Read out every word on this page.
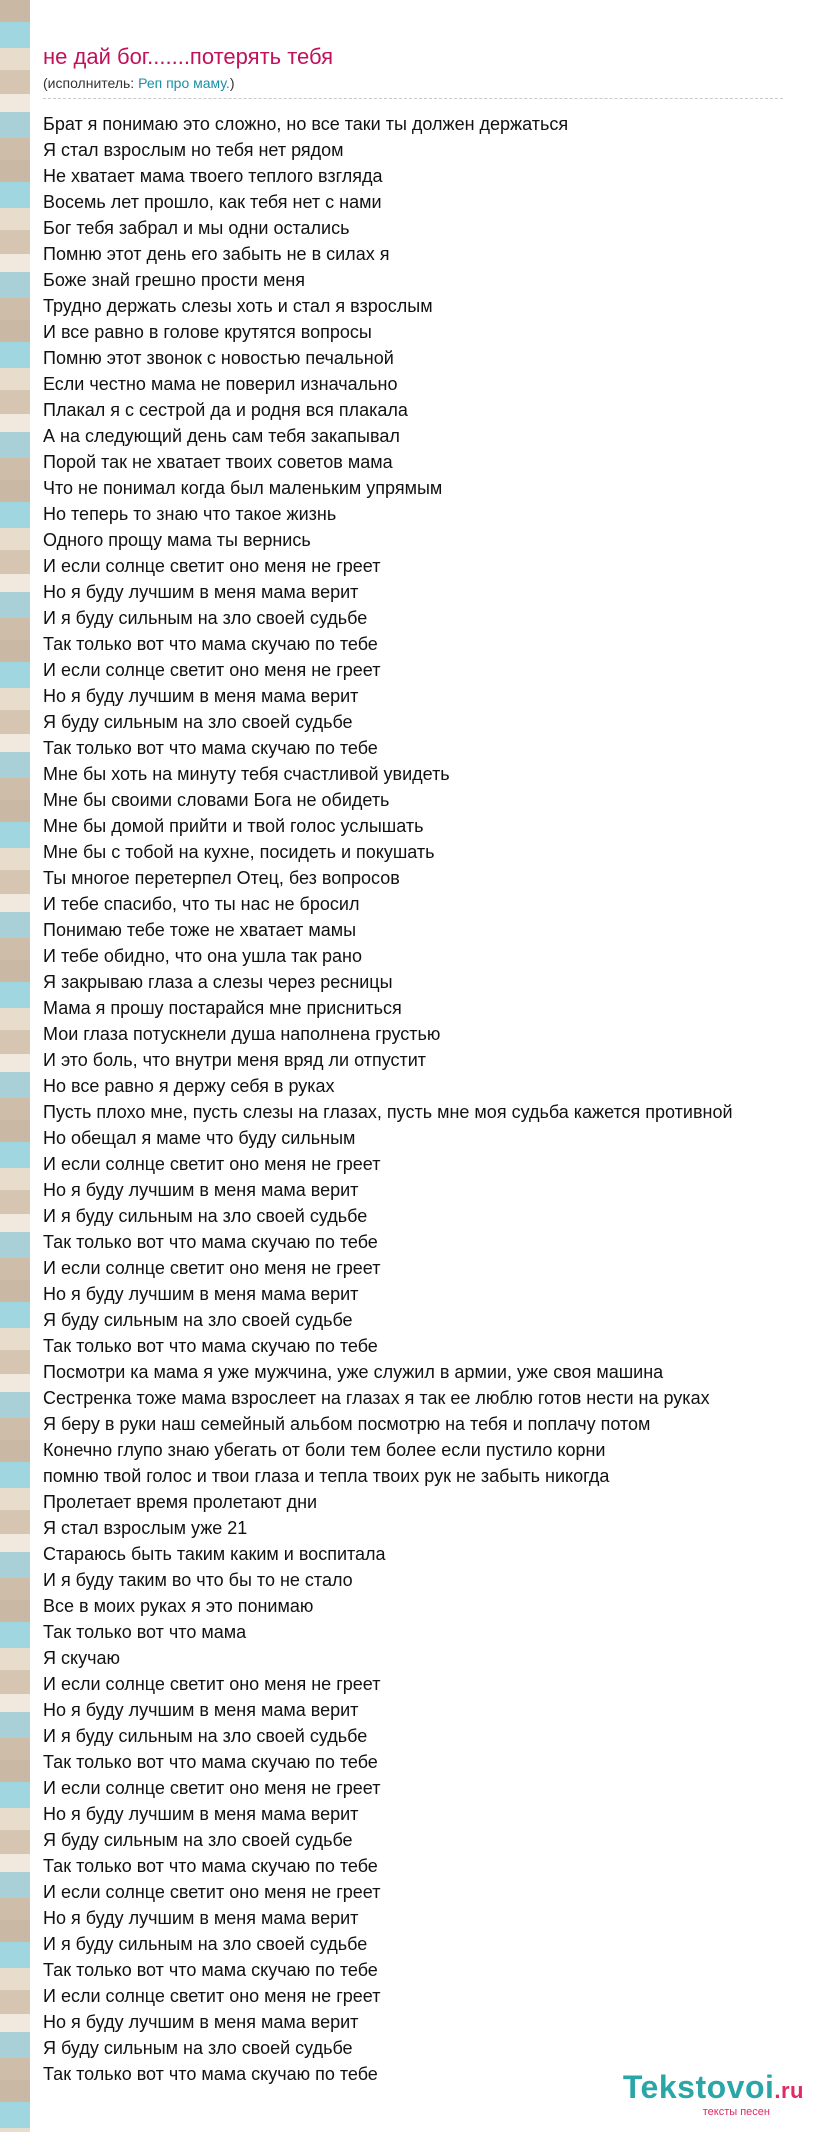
не дай бог.......потерять тебя
(исполнитель: Реп про маму.)
Брат я понимаю это сложно, но все таки ты должен держаться
Я стал взрослым но тебя нет рядом
Не хватает мама твоего теплого взгляда
Восемь лет прошло, как тебя нет с нами
Бог тебя забрал и мы одни остались
Помню этот день его забыть не в силах я
Боже знай грешно прости меня
Трудно держать слезы хоть и стал я взрослым
И все равно в голове крутятся вопросы
Помню этот звонок с новостью печальной
Если честно мама не поверил изначально
Плакал я с сестрой да и родня вся плакала
А на следующий день сам тебя закапывал
Порой так не хватает твоих советов мама
Что не понимал когда был маленьким упрямым
Но теперь то знаю что такое жизнь
Одного прощу мама ты вернись
И если солнце светит оно меня не греет
Но я буду лучшим в меня мама верит
И я буду сильным на зло своей судьбе
Так только вот что мама скучаю по тебе
И если солнце светит оно меня не греет
Но я буду лучшим в меня мама верит
Я буду сильным на зло своей судьбе
Так только вот что мама скучаю по тебе
Мне бы хоть на минуту тебя счастливой увидеть
Мне бы своими словами Бога не обидеть
Мне бы домой прийти и твой голос услышать
Мне бы с тобой на кухне, посидеть и покушать
Ты многое перетерпел Отец, без вопросов
И тебе спасибо, что ты нас не бросил
Понимаю тебе тоже не хватает мамы
И тебе обидно, что она ушла так рано
Я закрываю глаза а слезы через ресницы
Мама я прошу постарайся мне присниться
Мои глаза потускнели душа наполнена грустью
И это боль, что внутри меня вряд ли отпустит
Но все равно я держу себя в руках
Пусть плохо мне, пусть слезы на глазах, пусть мне моя судьба кажется противной
Но обещал я маме что буду сильным
И если солнце светит оно меня не греет
Но я буду лучшим в меня мама верит
И я буду сильным на зло своей судьбе
Так только вот что мама скучаю по тебе
И если солнце светит оно меня не греет
Но я буду лучшим в меня мама верит
Я буду сильным на зло своей судьбе
Так только вот что мама скучаю по тебе
Посмотри ка мама я уже мужчина, уже служил в армии, уже своя машина
Сестренка тоже мама взрослеет на глазах я так ее люблю готов нести на руках
Я беру в руки наш семейный альбом посмотрю на тебя и поплачу потом
Конечно глупо знаю убегать от боли тем более если пустило корни
помню твой голос и твои глаза и тепла твоих рук не забыть никогда
Пролетает время пролетают дни
Я стал взрослым уже 21
Стараюсь быть таким каким и воспитала
И я буду таким во что бы то не стало
Все в моих руках я это понимаю
Так только вот что мама
Я скучаю
И если солнце светит оно меня не греет
Но я буду лучшим в меня мама верит
И я буду сильным на зло своей судьбе
Так только вот что мама скучаю по тебе
И если солнце светит оно меня не греет
Но я буду лучшим в меня мама верит
Я буду сильным на зло своей судьбе
Так только вот что мама скучаю по тебе
И если солнце светит оно меня не греет
Но я буду лучшим в меня мама верит
И я буду сильным на зло своей судьбе
Так только вот что мама скучаю по тебе
И если солнце светит оно меня не греет
Но я буду лучшим в меня мама верит
Я буду сильным на зло своей судьбе
Так только вот что мама скучаю по тебе	Tekstovoi.ru
тексты песен
